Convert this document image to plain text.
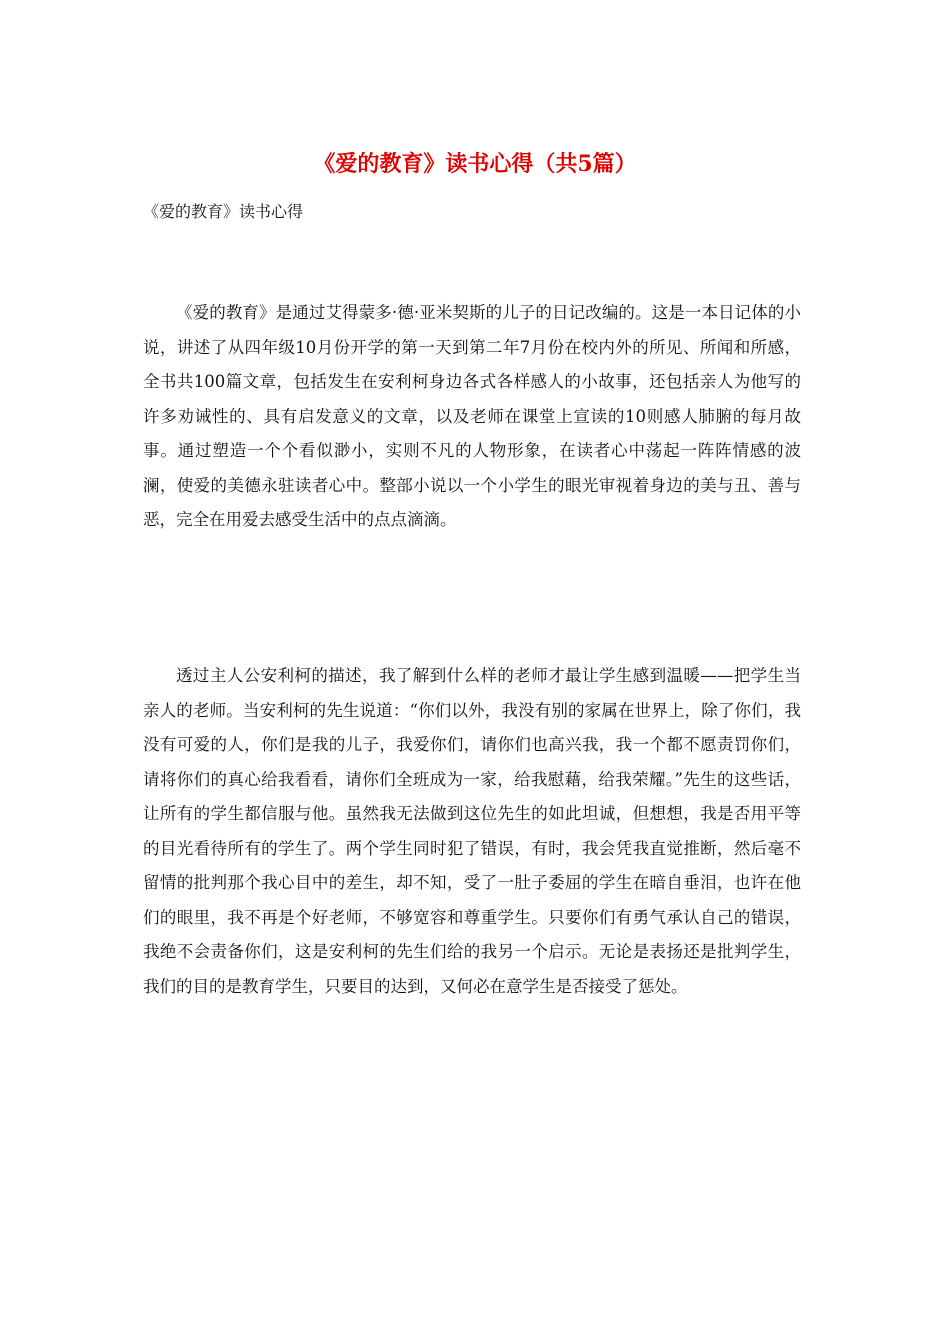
《爱的教育》读书心得（共5篇）
《爱的教育》读书心得

《爱的教育》是通过艾得蒙多·德·亚米契斯的儿子的日记改编的。这是一本日记体的小说，讲述了从四年级10月份开学的第一天到第二年7月份在校内外的所见、所闻和所感，全书共100篇文章，包括发生在安利柯身边各式各样感人的小故事，还包括亲人为他写的许多劝诫性的、具有启发意义的文章，以及老师在课堂上宣读的10则感人肺腑的每月故事。通过塑造一个个看似渺小，实则不凡的人物形象，在读者心中荡起一阵阵情感的波澜，使爱的美德永驻读者心中。整部小说以一个小学生的眼光审视着身边的美与丑、善与恶，完全在用爱去感受生活中的点点滴滴。

透过主人公安利柯的描述，我了解到什么样的老师才最让学生感到温暖——把学生当亲人的老师。当安利柯的先生说道：“你们以外，我没有别的家属在世界上，除了你们，我没有可爱的人，你们是我的儿子，我爱你们，请你们也高兴我，我一个都不愿责罚你们，请将你们的真心给我看看，请你们全班成为一家，给我慰藉，给我荣耀。”先生的这些话，让所有的学生都信服与他。虽然我无法做到这位先生的如此坦诚，但想想，我是否用平等的目光看待所有的学生了。两个学生同时犯了错误，有时，我会凭我直觉推断，然后毫不留情的批判那个我心目中的差生，却不知，受了一肚子委屈的学生在暗自垂泪，也许在他们的眼里，我不再是个好老师，不够宽容和尊重学生。只要你们有勇气承认自己的错误，我绝不会责备你们，这是安利柯的先生们给的我另一个启示。无论是表扬还是批判学生，我们的目的是教育学生，只要目的达到，又何必在意学生是否接受了惩处。
